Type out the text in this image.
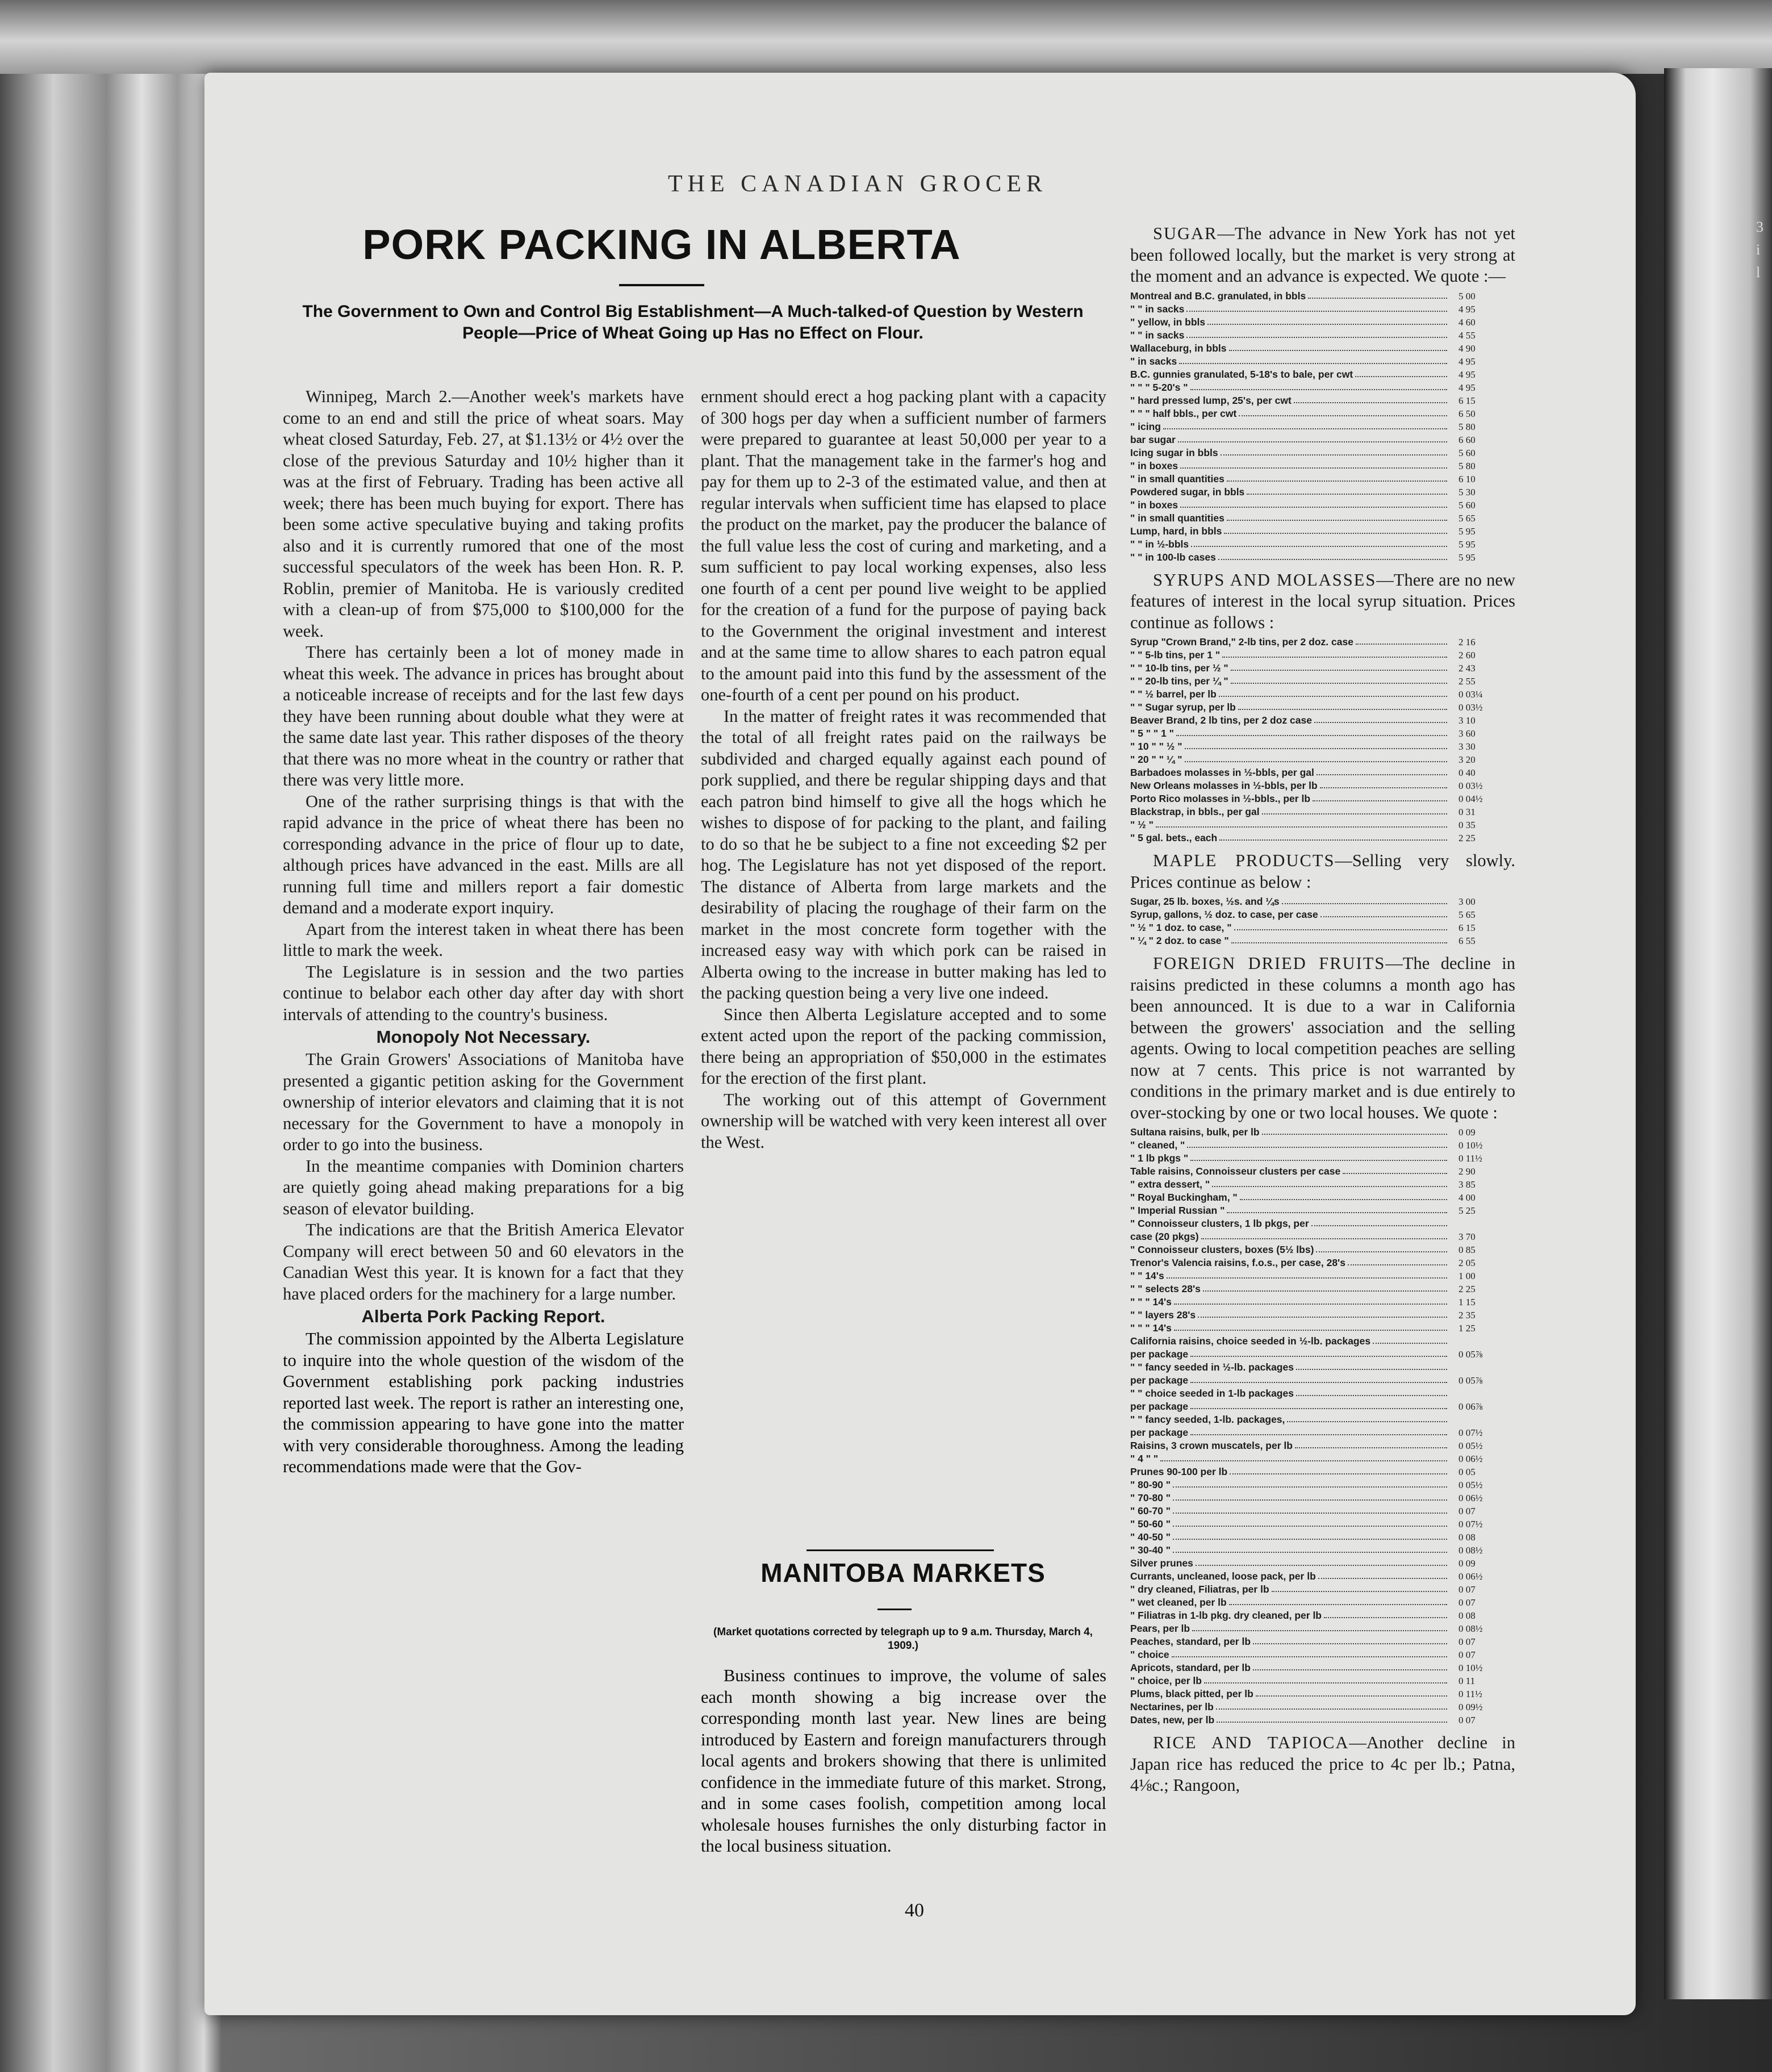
3
i
l
THE CANADIAN GROCER
PORK PACKING IN ALBERTA
The Government to Own and Control Big Establishment—A Much-talked-of Question by Western People—Price of Wheat Going up Has no Effect on Flour.

Winnipeg, March 2.—Another week's markets have come to an end and still the price of wheat soars. May wheat closed Saturday, Feb. 27, at $1.13½ or 4½ over the close of the previous Saturday and 10½ higher than it was at the first of February. Trading has been active all week; there has been much buying for export. There has been some active speculative buying and taking profits also and it is currently rumored that one of the most successful speculators of the week has been Hon. R. P. Roblin, premier of Manitoba. He is variously credited with a clean-up of from $75,000 to $100,000 for the week.

There has certainly been a lot of money made in wheat this week. The advance in prices has brought about a noticeable increase of receipts and for the last few days they have been running about double what they were at the same date last year. This rather disposes of the theory that there was no more wheat in the country or rather that there was very little more.

One of the rather surprising things is that with the rapid advance in the price of wheat there has been no corresponding advance in the price of flour up to date, although prices have advanced in the east. Mills are all running full time and millers report a fair domestic demand and a moderate export inquiry.

Apart from the interest taken in wheat there has been little to mark the week.

The Legislature is in session and the two parties continue to belabor each other day after day with short intervals of attending to the country's business.

Monopoly Not Necessary.

The Grain Growers' Associations of Manitoba have presented a gigantic petition asking for the Government ownership of interior elevators and claiming that it is not necessary for the Government to have a monopoly in order to go into the business.

In the meantime companies with Dominion charters are quietly going ahead making preparations for a big season of elevator building.

The indications are that the British America Elevator Company will erect between 50 and 60 elevators in the Canadian West this year. It is known for a fact that they have placed orders for the machinery for a large number.

Alberta Pork Packing Report.

The commission appointed by the Alberta Legislature to inquire into the whole question of the wisdom of the Government establishing pork packing industries reported last week. The report is rather an interesting one, the commission appearing to have gone into the matter with very considerable thoroughness. Among the leading recommendations made were that the Gov-

ernment should erect a hog packing plant with a capacity of 300 hogs per day when a sufficient number of farmers were prepared to guarantee at least 50,000 per year to a plant. That the management take in the farmer's hog and pay for them up to 2-3 of the estimated value, and then at regular intervals when sufficient time has elapsed to place the product on the market, pay the producer the balance of the full value less the cost of curing and marketing, and a sum sufficient to pay local working expenses, also less one fourth of a cent per pound live weight to be applied for the creation of a fund for the purpose of paying back to the Government the original investment and interest and at the same time to allow shares to each patron equal to the amount paid into this fund by the assessment of the one-fourth of a cent per pound on his product.

In the matter of freight rates it was recommended that the total of all freight rates paid on the railways be subdivided and charged equally against each pound of pork supplied, and there be regular shipping days and that each patron bind himself to give all the hogs which he wishes to dispose of for packing to the plant, and failing to do so that he be subject to a fine not exceeding $2 per hog. The Legislature has not yet disposed of the report. The distance of Alberta from large markets and the desirability of placing the roughage of their farm on the market in the most concrete form together with the increased easy way with which pork can be raised in Alberta owing to the increase in butter making has led to the packing question being a very live one indeed.

Since then Alberta Legislature accepted and to some extent acted upon the report of the packing commission, there being an appropriation of $50,000 in the estimates for the erection of the first plant.

The working out of this attempt of Government ownership will be watched with very keen interest all over the West.

MANITOBA MARKETS
(Market quotations corrected by telegraph up to 9 a.m. Thursday, March 4, 1909.)

Business continues to improve, the volume of sales each month showing a big increase over the corresponding month last year. New lines are being introduced by Eastern and foreign manufacturers through local agents and brokers showing that there is unlimited confidence in the immediate future of this market. Strong, and in some cases foolish, competition among local wholesale houses furnishes the only disturbing factor in the local business situation.

SUGAR—The advance in New York has not yet been followed locally, but the market is very strong at the moment and an advance is expected. We quote :—

Montreal and B.C. granulated, in bbls	5 00
" " in sacks	4 95
" yellow, in bbls	4 60
" " in sacks	4 55
Wallaceburg, in bbls	4 90
" in sacks	4 95
B.C. gunnies granulated, 5-18's to bale, per cwt	4 95
" " " 5-20's "	4 95
" hard pressed lump, 25's, per cwt	6 15
" " " half bbls., per cwt	6 50
" icing	5 80
bar sugar	6 60
Icing sugar in bbls	5 60
" in boxes	5 80
" in small quantities	6 10
Powdered sugar, in bbls	5 30
" in boxes	5 60
" in small quantities	5 65
Lump, hard, in bbls	5 95
" " in ½-bbls	5 95
" " in 100-lb cases	5 95

SYRUPS AND MOLASSES—There are no new features of interest in the local syrup situation. Prices continue as follows :

Syrup "Crown Brand," 2-lb tins, per 2 doz. case	2 16
" " 5-lb tins, per 1 "	2 60
" " 10-lb tins, per ½ "	2 43
" " 20-lb tins, per ¼ "	2 55
" " ½ barrel, per lb	0 03¼
" " Sugar syrup, per lb	0 03½
Beaver Brand, 2 lb tins, per 2 doz case	3 10
" 5 " " 1 "	3 60
" 10 " " ½ "	3 30
" 20 " " ¼ "	3 20
Barbadoes molasses in ½-bbls, per gal	0 40
New Orleans molasses in ½-bbls, per lb	0 03½
Porto Rico molasses in ½-bbls., per lb	0 04½
Blackstrap, in bbls., per gal	0 31
" ½ "	0 35
" 5 gal. bets., each	2 25

MAPLE PRODUCTS—Selling very slowly. Prices continue as below :

Sugar, 25 lb. boxes, ½s. and ¼s	3 00
Syrup, gallons, ½ doz. to case, per case	5 65
" ½ " 1 doz. to case, "	6 15
" ¼ " 2 doz. to case "	6 55

FOREIGN DRIED FRUITS—The decline in raisins predicted in these columns a month ago has been announced. It is due to a war in California between the growers' association and the selling agents. Owing to local competition peaches are selling now at 7 cents. This price is not warranted by conditions in the primary market and is due entirely to over-stocking by one or two local houses. We quote :

Sultana raisins, bulk, per lb	0 09
" cleaned, "	0 10½
" 1 lb pkgs "	0 11½
Table raisins, Connoisseur clusters per case	2 90
" extra dessert, "	3 85
" Royal Buckingham, "	4 00
" Imperial Russian "	5 25
" Connoisseur clusters, 1 lb pkgs, per
case (20 pkgs)	3 70
" Connoisseur clusters, boxes (5½ lbs)	0 85
Trenor's Valencia raisins, f.o.s., per case, 28's	2 05
" " 14's	1 00
" " selects 28's	2 25
" " " 14's	1 15
" " layers 28's	2 35
" " " 14's	1 25
California raisins, choice seeded in ½-lb. packages
per package	0 05⅞
" " fancy seeded in ½-lb. packages
per package	0 05⅞
" " choice seeded in 1-lb packages
per package	0 06⅞
" " fancy seeded, 1-lb. packages,
per package	0 07½
Raisins, 3 crown muscatels, per lb	0 05½
" 4 " "	0 06½
Prunes 90-100 per lb	0 05
" 80-90 "	0 05½
" 70-80 "	0 06½
" 60-70 "	0 07
" 50-60 "	0 07½
" 40-50 "	0 08
" 30-40 "	0 08½
Silver prunes	0 09
Currants, uncleaned, loose pack, per lb	0 06½
" dry cleaned, Filiatras, per lb	0 07
" wet cleaned, per lb	0 07
" Filiatras in 1-lb pkg. dry cleaned, per lb	0 08
Pears, per lb	0 08½
Peaches, standard, per lb	0 07
" choice	0 07
Apricots, standard, per lb	0 10½
" choice, per lb	0 11
Plums, black pitted, per lb	0 11½
Nectarines, per lb	0 09½
Dates, new, per lb	0 07

RICE AND TAPIOCA—Another decline in Japan rice has reduced the price to 4c per lb.; Patna, 4⅛c.; Rangoon,

40
